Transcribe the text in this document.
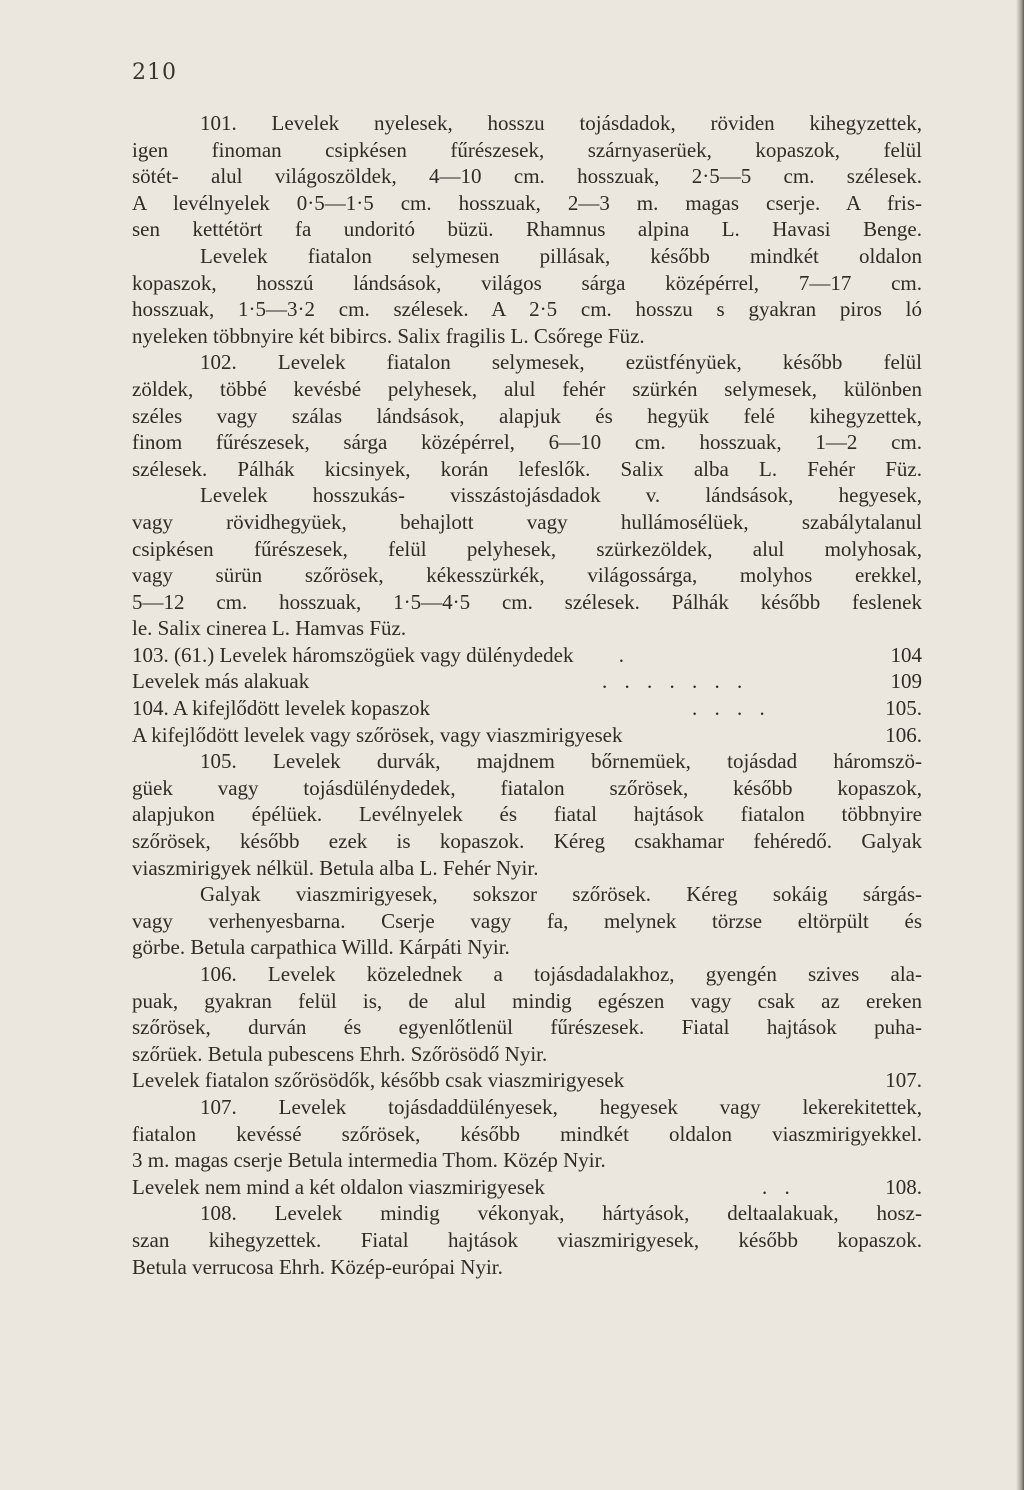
210
101. Levelek nyelesek, hosszu tojásdadok, röviden kihegyzettek,
igen finoman csipkésen fűrészesek, szárnyaserüek, kopaszok, felül
sötét- alul világoszöldek, 4—10 cm. hosszuak, 2·5—5 cm. szélesek.
A levélnyelek 0·5—1·5 cm. hosszuak, 2—3 m. magas cserje. A fris-
sen kettétört fa undoritó büzü. Rhamnus alpina L. Havasi Benge.
Levelek fiatalon selymesen pillásak, később mindkét oldalon
kopaszok, hosszú lándsások, világos sárga középérrel, 7—17 cm.
hosszuak, 1·5—3·2 cm. szélesek. A 2·5 cm. hosszu s gyakran piros ló
nyeleken többnyire két bibircs. Salix fragilis L. Csőrege Füz.
102. Levelek fiatalon selymesek, ezüstfényüek, később felül
zöldek, többé kevésbé pelyhesek, alul fehér szürkén selymesek, különben
széles vagy szálas lándsások, alapjuk és hegyük felé kihegyzettek,
finom fűrészesek, sárga középérrel, 6—10 cm. hosszuak, 1—2 cm.
szélesek. Pálhák kicsinyek, korán lefeslők. Salix alba L. Fehér Füz.
Levelek hosszukás- visszástojásdadok v. lándsások, hegyesek,
vagy rövidhegyüek, behajlott vagy hullámosélüek, szabálytalanul
csipkésen fűrészesek, felül pelyhesek, szürkezöldek, alul molyhosak,
vagy sürün szőrösek, kékesszürkék, világossárga, molyhos erekkel,
5—12 cm. hosszuak, 1·5—4·5 cm. szélesek. Pálhák később feslenek
le. Salix cinerea L. Hamvas Füz.
103. (61.) Levelek háromszögüek vagy dülénydedek .	104
Levelek más alakuak	. . . . . . .	109
104. A kifejlődött levelek kopaszok	. . . .	105.
A kifejlődött levelek vagy szőrösek, vagy viaszmirigyesek	106.
105. Levelek durvák, majdnem bőrnemüek, tojásdad háromszö-
güek vagy tojásdülénydedek, fiatalon szőrösek, később kopaszok,
alapjukon épélüek. Levélnyelek és fiatal hajtások fiatalon többnyire
szőrösek, később ezek is kopaszok. Kéreg csakhamar fehéredő. Galyak
viaszmirigyek nélkül. Betula alba L. Fehér Nyir.
Galyak viaszmirigyesek, sokszor szőrösek. Kéreg sokáig sárgás-
vagy verhenyesbarna. Cserje vagy fa, melynek törzse eltörpült és
görbe. Betula carpathica Willd. Kárpáti Nyir.
106. Levelek közelednek a tojásdadalakhoz, gyengén szives ala-
puak, gyakran felül is, de alul mindig egészen vagy csak az ereken
szőrösek, durván és egyenlőtlenül fűrészesek. Fiatal hajtások puha-
szőrüek. Betula pubescens Ehrh. Szőrösödő Nyir.
Levelek fiatalon szőrösödők, később csak viaszmirigyesek	107.
107. Levelek tojásdaddülényesek, hegyesek vagy lekerekitettek,
fiatalon kevéssé szőrösek, később mindkét oldalon viaszmirigyekkel.
3 m. magas cserje Betula intermedia Thom. Közép Nyir.
Levelek nem mind a két oldalon viaszmirigyesek	. .	108.
108. Levelek mindig vékonyak, hártyások, deltaalakuak, hosz-
szan kihegyzettek. Fiatal hajtások viaszmirigyesek, később kopaszok.
Betula verrucosa Ehrh. Közép-európai Nyir.
